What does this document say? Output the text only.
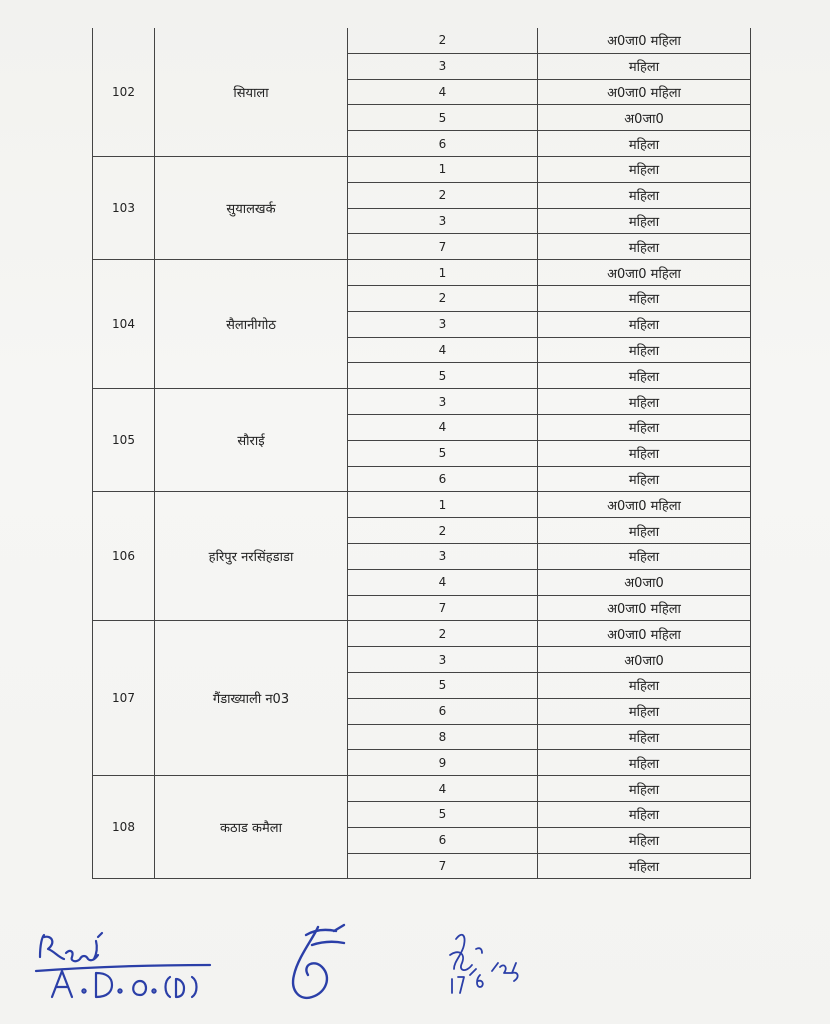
102	सियाला	2	अ0जा0 महिला
		3	महिला
		4	अ0जा0 महिला
		5	अ0जा0
		6	महिला
103	सुयालखर्क	1	महिला
		2	महिला
		3	महिला
		7	महिला
104	सैलानीगोठ	1	अ0जा0 महिला
		2	महिला
		3	महिला
		4	महिला
		5	महिला
105	सौराई	3	महिला
		4	महिला
		5	महिला
		6	महिला
106	हरिपुर नरसिंहडाडा	1	अ0जा0 महिला
		2	महिला
		3	महिला
		4	अ0जा0
		7	अ0जा0 महिला
107	गैंडाख्याली न03	2	अ0जा0 महिला
		3	अ0जा0
		5	महिला
		6	महिला
		8	महिला
		9	महिला
108	कठाड कमैला	4	महिला
		5	महिला
		6	महिला
		7	महिला
